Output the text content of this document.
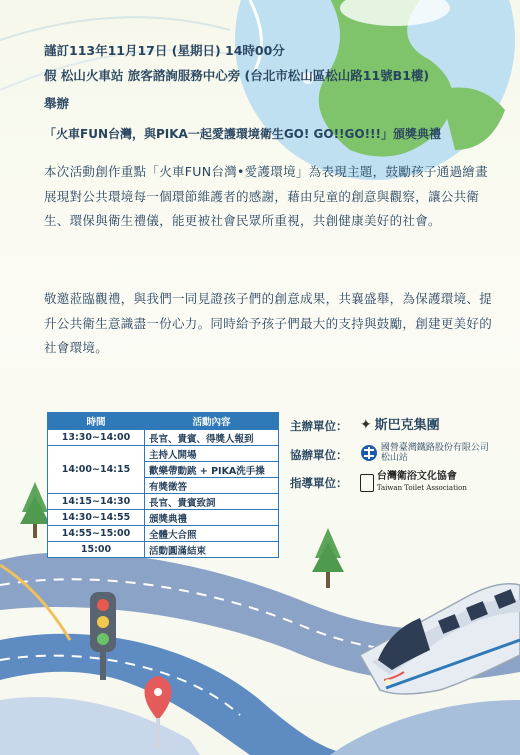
謹訂113年11月17日 (星期日) 14時00分
假 松山火車站 旅客諮詢服務中心旁 (台北市松山區松山路11號B1樓)
舉辦
「火車FUN台灣，與PIKA一起愛護環境衛生GO! GO!!GO!!!」頒獎典禮
本次活動創作重點「火車FUN台灣•愛護環境」為表現主題，鼓勵孩子通過繪畫展現對公共環境每一個環節維護者的感謝，藉由兒童的創意與觀察，讓公共衛生、環保與衛生禮儀，能更被社會民眾所重視，共創健康美好的社會。
敬邀蒞臨觀禮，與我們一同見證孩子們的創意成果，共襄盛舉，為保護環境、提升公共衛生意識盡一份心力。同時給予孩子們最大的支持與鼓勵，創建更美好的社會環境。
時間	活動內容
13:30~14:00	長官、貴賓、得獎人報到
14:00~14:15	主持人開場
	歡樂帶動跳 + PIKA洗手操
	有獎徵答
14:15~14:30	長官、貴賓致詞
14:30~14:55	頒獎典禮
14:55~15:00	全體大合照
15:00	活動圓滿結束
主辦單位： ✦ 斯巴克集團
協辦單位：	國營臺灣鐵路股份有限公司
松山站
指導單位：	台灣衛浴文化協會
Taiwan Toilet Association
